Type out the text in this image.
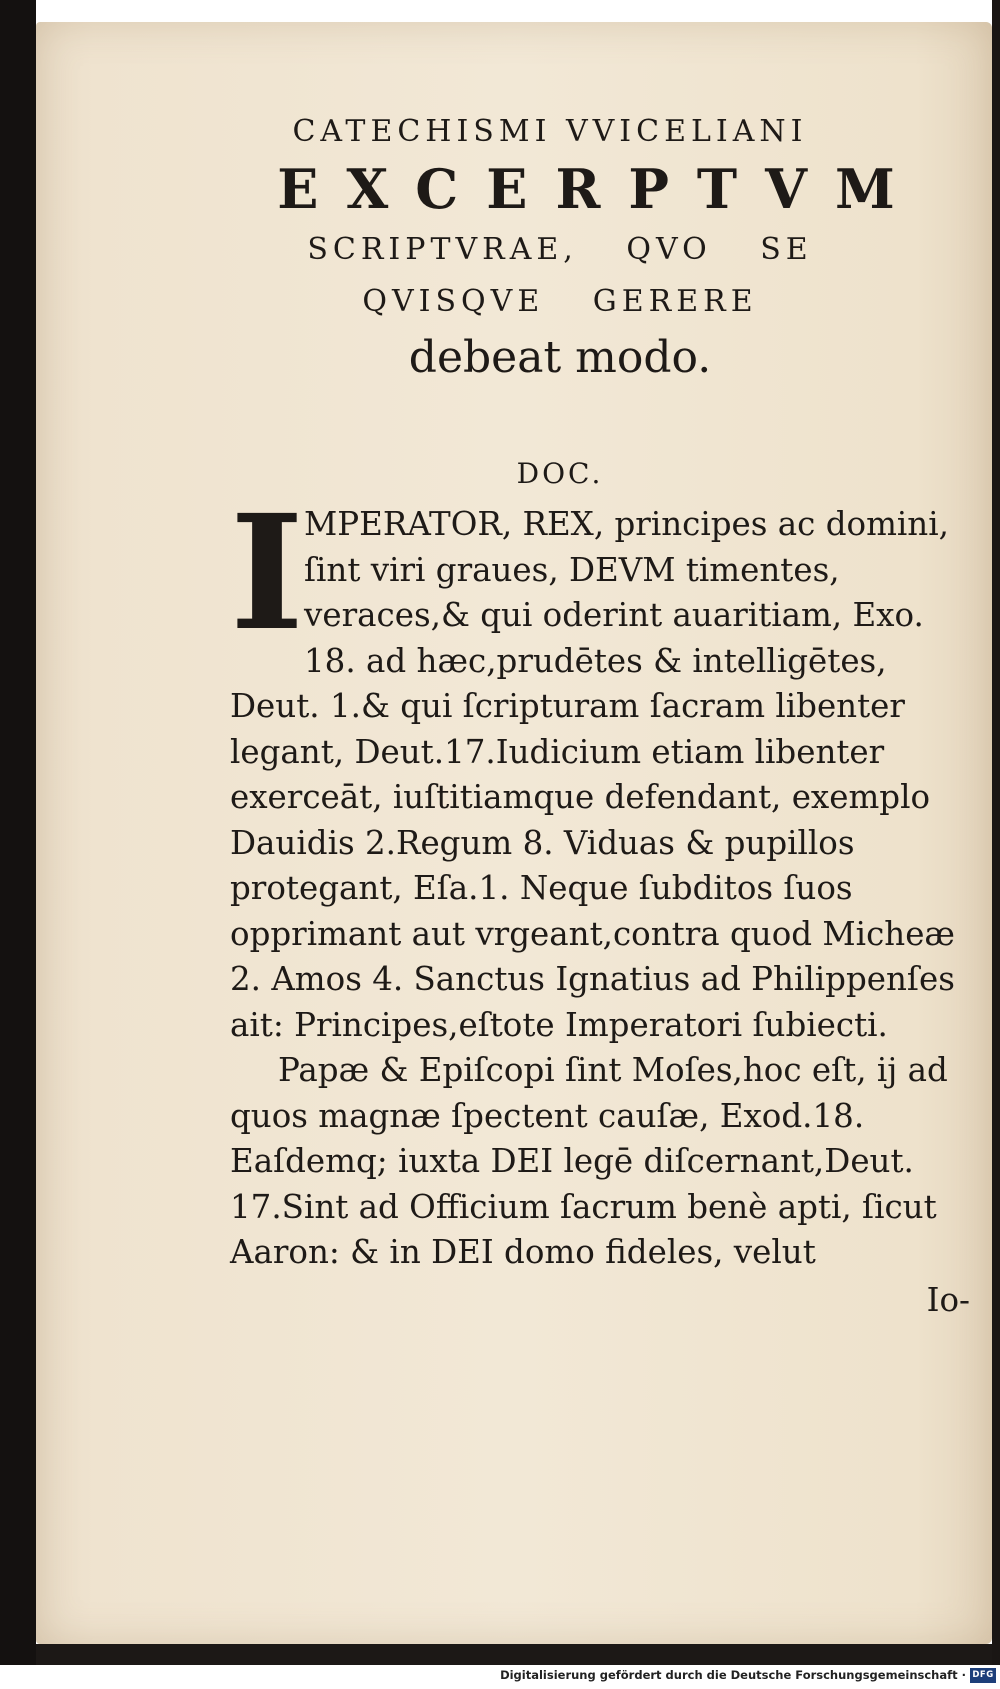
CATECHISMI VVICELIANI

EXCERPTVM

SCRIPTVRAE, QVO SE

QVISQVE GERERE

debeat modo.

DOC.

I MPERATOR, REX, principes ac domini, ſint viri graues, DEVM timentes, veraces,& qui oderint auaritiam, Exo. 18. ad hæc,prudētes & intelligētes, Deut. 1.& qui ſcripturam ſacram libenter legant, Deut.17.Iudicium etiam libenter exerceāt, iuſtitiamque defendant, exemplo Dauidis 2.Regum 8. Viduas & pupillos protegant, Eſa.1. Neque ſubditos ſuos opprimant aut vrgeant,contra quod Micheæ 2. Amos 4. Sanctus Ignatius ad Philippenſes ait: Principes,eſtote Imperatori ſubiecti.

Papæ & Epiſcopi ſint Moſes,hoc eſt, ij ad quos magnæ ſpectent cauſæ, Exod.18. Eaſdemq; iuxta DEI legē diſcernant,Deut. 17.Sint ad Officium ſacrum benè apti, ſicut Aaron: & in DEI domo fideles, velut

Io-

Digitalisierung gefördert durch die Deutsche Forschungsgemeinschaft · DFG
